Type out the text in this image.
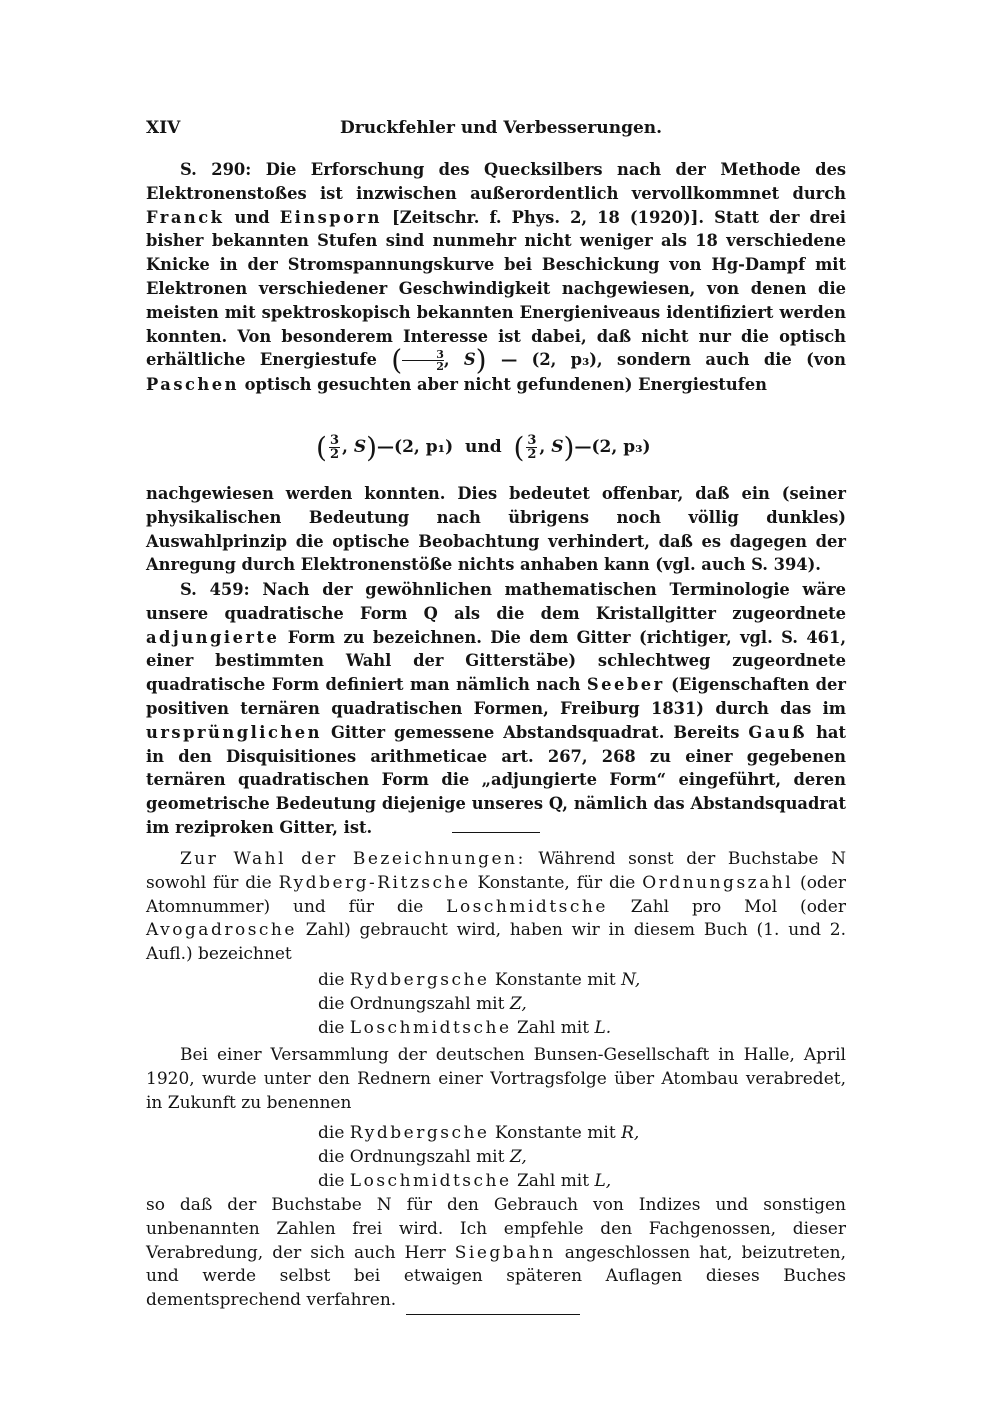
XIV	Druckfehler und Verbesserungen.

S. 290: Die Erforschung des Quecksilbers nach der Methode des Elektronenstoßes ist inzwischen außerordentlich vervollkommnet durch Franck und Einsporn [Zeitschr. f. Phys. 2, 18 (1920)]. Statt der drei bisher bekannten Stufen sind nunmehr nicht weniger als 18 verschiedene Knicke in der Stromspannungskurve bei Beschickung von Hg-Dampf mit Elektronen verschiedener Geschwindigkeit nachgewiesen, von denen die meisten mit spektroskopisch bekannten Energieniveaus identifiziert werden konnten. Von besonderem Interesse ist dabei, daß nicht nur die optisch erhältliche Energiestufe ( $\frac{3}{2}$ , S) — (2, p₃), sondern auch die (von Paschen optisch gesuchten aber nicht gefundenen) Energiestufen

( $\frac{3}{2}$ , S)—(2, p₁) und ( $\frac{3}{2}$ , S)—(2, p₃)

nachgewiesen werden konnten. Dies bedeutet offenbar, daß ein (seiner physikalischen Bedeutung nach übrigens noch völlig dunkles) Auswahlprinzip die optische Beobachtung verhindert, daß es dagegen der Anregung durch Elektronenstöße nichts anhaben kann (vgl. auch S. 394).

S. 459: Nach der gewöhnlichen mathematischen Terminologie wäre unsere quadratische Form Q als die dem Kristallgitter zugeordnete adjungierte Form zu bezeichnen. Die dem Gitter (richtiger, vgl. S. 461, einer bestimmten Wahl der Gitterstäbe) schlechtweg zugeordnete quadratische Form definiert man nämlich nach Seeber (Eigenschaften der positiven ternären quadratischen Formen, Freiburg 1831) durch das im ursprünglichen Gitter gemessene Abstandsquadrat. Bereits Gauß hat in den Disquisitiones arithmeticae art. 267, 268 zu einer gegebenen ternären quadratischen Form die „adjungierte Form“ eingeführt, deren geometrische Bedeutung diejenige unseres Q, nämlich das Abstandsquadrat im reziproken Gitter, ist.

Zur Wahl der Bezeichnungen: Während sonst der Buchstabe N sowohl für die Rydberg-Ritzsche Konstante, für die Ordnungszahl (oder Atomnummer) und für die Loschmidtsche Zahl pro Mol (oder Avogadrosche Zahl) gebraucht wird, haben wir in diesem Buch (1. und 2. Aufl.) bezeichnet

die Rydbergsche Konstante mit N,
die Ordnungszahl mit Z,
die Loschmidtsche Zahl mit L.

Bei einer Versammlung der deutschen Bunsen-Gesellschaft in Halle, April 1920, wurde unter den Rednern einer Vortragsfolge über Atombau verabredet, in Zukunft zu benennen

die Rydbergsche Konstante mit R,
die Ordnungszahl mit Z,
die Loschmidtsche Zahl mit L,

so daß der Buchstabe N für den Gebrauch von Indizes und sonstigen unbenannten Zahlen frei wird. Ich empfehle den Fachgenossen, dieser Verabredung, der sich auch Herr Siegbahn angeschlossen hat, beizutreten, und werde selbst bei etwaigen späteren Auflagen dieses Buches dementsprechend verfahren.
